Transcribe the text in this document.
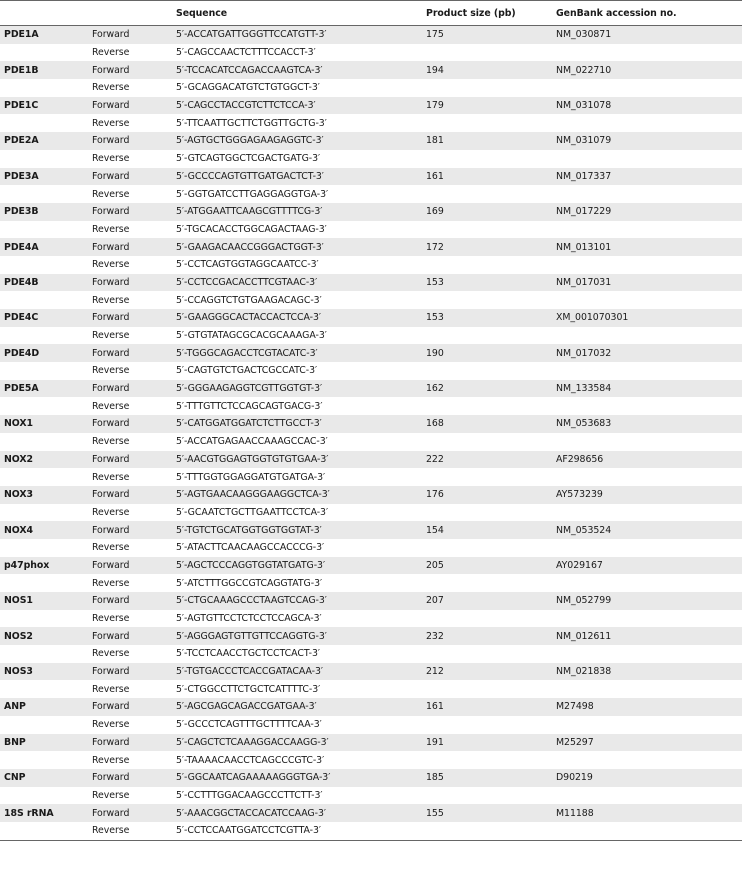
		Sequence	Product size (pb)	GenBank accession no.
PDE1A	Forward	5′-ACCATGATTGGGTTCCATGTT-3′	175	NM_030871
	Reverse	5′-CAGCCAACTCTTTCCACCT-3′		
PDE1B	Forward	5′-TCCACATCCAGACCAAGTCA-3′	194	NM_022710
	Reverse	5′-GCAGGACATGTCTGTGGCT-3′		
PDE1C	Forward	5′-CAGCCTACCGTCTTCTCCA-3′	179	NM_031078
	Reverse	5′-TTCAATTGCTTCTGGTTGCTG-3′		
PDE2A	Forward	5′-AGTGCTGGGAGAAGAGGTC-3′	181	NM_031079
	Reverse	5′-GTCAGTGGCTCGACTGATG-3′		
PDE3A	Forward	5′-GCCCCAGTGTTGATGACTCT-3′	161	NM_017337
	Reverse	5′-GGTGATCCTTGAGGAGGTGA-3′		
PDE3B	Forward	5′-ATGGAATTCAAGCGTTTTCG-3′	169	NM_017229
	Reverse	5′-TGCACACCTGGCAGACTAAG-3′		
PDE4A	Forward	5′-GAAGACAACCGGGACTGGT-3′	172	NM_013101
	Reverse	5′-CCTCAGTGGTAGGCAATCC-3′		
PDE4B	Forward	5′-CCTCCGACACCTTCGTAAC-3′	153	NM_017031
	Reverse	5′-CCAGGTCTGTGAAGACAGC-3′		
PDE4C	Forward	5′-GAAGGGCACTACCACTCCA-3′	153	XM_001070301
	Reverse	5′-GTGTATAGCGCACGCAAAGA-3′		
PDE4D	Forward	5′-TGGGCAGACCTCGTACATC-3′	190	NM_017032
	Reverse	5′-CAGTGTCTGACTCGCCATC-3′		
PDE5A	Forward	5′-GGGAAGAGGTCGTTGGTGT-3′	162	NM_133584
	Reverse	5′-TTTGTTCTCCAGCAGTGACG-3′		
NOX1	Forward	5′-CATGGATGGATCTCTTGCCT-3′	168	NM_053683
	Reverse	5′-ACCATGAGAACCAAAGCCAC-3′		
NOX2	Forward	5′-AACGTGGAGTGGTGTGTGAA-3′	222	AF298656
	Reverse	5′-TTTGGTGGAGGATGTGATGA-3′		
NOX3	Forward	5′-AGTGAACAAGGGAAGGCTCA-3′	176	AY573239
	Reverse	5′-GCAATCTGCTTGAATTCCTCA-3′		
NOX4	Forward	5′-TGTCTGCATGGTGGTGGTAT-3′	154	NM_053524
	Reverse	5′-ATACTTCAACAAGCCACCCG-3′		
p47phox	Forward	5′-AGCTCCCAGGTGGTATGATG-3′	205	AY029167
	Reverse	5′-ATCTTTGGCCGTCAGGTATG-3′		
NOS1	Forward	5′-CTGCAAAGCCCTAAGTCCAG-3′	207	NM_052799
	Reverse	5′-AGTGTTCCTCTCCTCCAGCA-3′		
NOS2	Forward	5′-AGGGAGTGTTGTTCCAGGTG-3′	232	NM_012611
	Reverse	5′-TCCTCAACCTGCTCCTCACT-3′		
NOS3	Forward	5′-TGTGACCCTCACCGATACAA-3′	212	NM_021838
	Reverse	5′-CTGGCCTTCTGCTCATTTTC-3′		
ANP	Forward	5′-AGCGAGCAGACCGATGAA-3′	161	M27498
	Reverse	5′-GCCCTCAGTTTGCTTTTCAA-3′		
BNP	Forward	5′-CAGCTCTCAAAGGACCAAGG-3′	191	M25297
	Reverse	5′-TAAAACAACCTCAGCCCGTC-3′		
CNP	Forward	5′-GGCAATCAGAAAAAGGGTGA-3′	185	D90219
	Reverse	5′-CCTTTGGACAAGCCCTTCTT-3′		
18S rRNA	Forward	5′-AAACGGCTACCACATCCAAG-3′	155	M11188
	Reverse	5′-CCTCCAATGGATCCTCGTTA-3′		
